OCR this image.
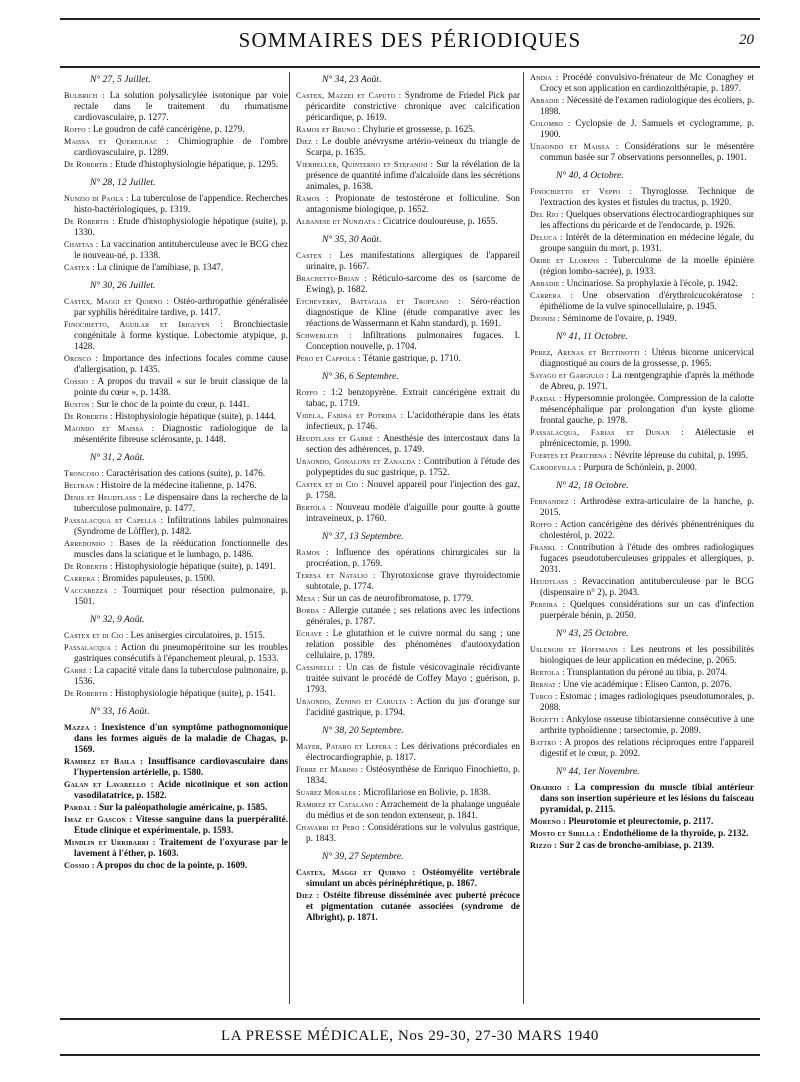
SOMMAIRES DES PÉRIODIQUES	20
N° 27, 5 Juillet.
Bulbrich : La solution polysalicylée isotonique par voie rectale dans le traitement du rhumatisme cardiovasculaire, p. 1277.
Roffo : Le goudron de café cancérigène, p. 1279.
Maissa et Quereilhac : Chimiographie de l'ombre cardiovasculaire, p. 1289.
De Robertis : Etude d'histophysiologie hépatique, p. 1295.
N° 28, 12 Juillet.
Nunzio di Paola : La tuberculose de l'appendice. Recherches histo-bactériologiques, p. 1319.
De Robertis : Etude d'histophysiologie hépatique (suite), p. 1330.
Chattas : La vaccination antituberculeuse avec le BCG chez le nouveau-né, p. 1338.
Castex : La clinique de l'amibiase, p. 1347.
N° 30, 26 Juillet.
Castex, Maggi et Quirno : Ostéo-arthropathie généralisée par syphilis héréditaire tardive, p. 1417.
Finochietto, Aguilar et Iriguyen : Bronchiectasie congénitale à forme kystique. Lobectomie atypique, p. 1428.
Orosco : Importance des infections focales comme cause d'allergisation, p. 1435.
Cossio : A propos du travail « sur le bruit classique de la pointe du cœur », p. 1438.
Bustos : Sur le choc de la pointe du cœur, p. 1441.
De Robertis : Histophysiologie hépatique (suite), p. 1444.
Maondo et Maissa : Diagnostic radiologique de la mésentérite fibreuse sclérosante, p. 1448.
N° 31, 2 Août.
Troncoso : Caractérisation des cations (suite), p. 1476.
Beltran : Histoire de la médecine italienne, p. 1476.
Denis et Heudtlass : Le dispensaire dans la recherche de la tuberculose pulmonaire, p. 1477.
Passalacqua et Capella : Infiltrations labiles pulmonaires (Syndrome de Löffler), p. 1482.
Arredondo : Bases de la rééducation fonctionnelle des muscles dans la sciatique et le lumbago, p. 1486.
De Robertis : Histophysiologie hépatique (suite), p. 1491.
Carrera : Bromides papuleuses, p. 1500.
Vaccarezza : Tourniquet pour résection pulmonaire, p. 1501.
N° 32, 9 Août.
Castex et di Cio : Les anisergies circulatoires, p. 1515.
Passalacqua : Action du pneumopéritoine sur les troubles gastriques consécutifs à l'épanchement pleural, p. 1533.
Garré : La capacité vitale dans la tuberculose pulmonaire, p. 1536.
De Robertis : Histophysiologie hépatique (suite), p. 1541.
N° 33, 16 Août.
Mazza : Inexistence d'un symptôme pathognomonique dans les formes aiguës de la maladie de Chagas, p. 1569.
Ramirez et Baila : Insuffisance cardiovasculaire dans l'hypertension artérielle, p. 1580.
Galan et Lavarello : Acide nicotinique et son action vasodilatatrice, p. 1582.
Pardal : Sur la paléopathologie américaine, p. 1585.
Imaz et Gascon : Vitesse sanguine dans la puerpéralité. Etude clinique et expérimentale, p. 1593.
Mindlin et Urribarri : Traitement de l'oxyurase par le lavement à l'éther, p. 1603.
Cossio : A propos du choc de la pointe, p. 1609.
N° 34, 23 Août.
Castex, Mazzei et Caputo : Syndrome de Friedel Pick par péricardite constrictive chronique avec calcification péricardique, p. 1619.
Ramos et Bruno : Chylurie et grossesse, p. 1625.
Diez : Le double anévrysme artério-veineux du triangle de Scarpa, p. 1635.
Vierheller, Quinterno et Stefanini : Sur la révélation de la présence de quantité infime d'alcaloïde dans les sécrétions animales, p. 1638.
Ramos : Propionate de testostérone et folliculine. Son antagonisme biologique, p. 1652.
Albanese et Nunziata : Cicatrice douloureuse, p. 1655.
N° 35, 30 Août.
Castex : Les manifestations allergiques de l'appareil urinaire, p. 1667.
Brachetto-Brian : Réticulo-sarcome des os (sarcome de Ewing), p. 1682.
Etcheverry, Battaglia et Tropeano : Séro-réaction diagnostique de Kline (étude comparative avec les réactions de Wassermann et Kahn standard), p. 1691.
Schweblich : Infiltrations pulmonaires fugaces. I. Conception nouvelle, p. 1704.
Pero et Cappola : Tétanie gastrique, p. 1710.
N° 36, 6 Septembre.
Roffo : 1:2 benzopyrène. Extrait cancérigène extrait du tabac, p. 1719.
Videla, Fabina et Potrida : L'acidothérapie dans les états infectieux, p. 1746.
Heudtlass et Garré : Anesthésie des intercostaux dans la section des adhérences, p. 1749.
Ubaondo, Gonalons et Zanalda : Contribution à l'étude des polypeptides du suc gastrique, p. 1752.
Castex et di Cio : Nouvel appareil pour l'injection des gaz, p. 1758.
Bertola : Nouveau modèle d'aiguille pour goutte à goutte intraveineux, p. 1760.
N° 37, 13 Septembre.
Ramos : Influence des opérations chirurgicales sur la procréation, p. 1769.
Teresa et Natalio : Thyrotoxicose grave thyroïdectomie subtotale, p. 1774.
Mesa : Sur un cas de neurofibromatose, p. 1779.
Borda : Allergie cutanée ; ses relations avec les infections générales, p. 1787.
Echave : Le glutathion et le cuivre normal du sang ; une relation possible des phénomènes d'autooxydation cellulaire, p. 1789.
Cassinelli : Un cas de fistule vésicovaginale récidivante traitée suivant le procédé de Coffey Mayo ; guérison, p. 1793.
Ubaondo, Zunino et Carulta : Action du jus d'orange sur l'acidité gastrique, p. 1794.
N° 38, 20 Septembre.
Mayer, Pataro et Lepera : Les dérivations précordiales en électrocardiographie, p. 1817.
Ferre et Marino : Ostéosynthèse de Enriquo Finochietto, p. 1834.
Suarez Morales : Microfilariose en Bolivie, p. 1838.
Ramirez et Catalano : Arrachement de la phalange unguéale du médius et de son tendon extenseur, p. 1841.
Chavarri et Pero : Considérations sur le volvulus gastrique, p. 1843.
N° 39, 27 Septembre.
Castex, Maggi et Quirno : Ostéomyélite vertébrale simulant un abcès périnéphrétique, p. 1867.
Diez : Ostéite fibreuse disséminée avec puberté précoce et pigmentation cutanée associées (syndrome de Albright), p. 1871.
Andia : Procédé convulsivo-frénateur de Mc Conaghey et Crocy et son application en cardiozolthérapie, p. 1897.
Abbadie : Nécessité de l'examen radiologique des écoliers, p. 1898.
Colombo : Cyclopsie de J. Samuels et cyclogramme, p. 1900.
Udaondo et Maissa : Considérations sur le mésentère commun basée sur 7 observations personnelles, p. 1901.
N° 40, 4 Octobre.
Finochietto et Veppo : Thyroglosse. Technique de l'extraction des kystes et fistules du tractus, p. 1920.
Del Rio : Quelques observations électrocardiographiques sur les affections du péricarde et de l'endocarde, p. 1926.
Deluca : Intérêt de la détermination en médecine légale, du groupe sanguin du mort, p. 1931.
Oribe et Llorens : Tuberculome de la moelle épinière (région lombo-sacrée), p. 1933.
Abbadie : Uncinariose. Sa prophylaxie à l'école, p. 1942.
Carrera : Une observation d'érythrolcucokératose : épithéliome de la vulve spinocellulaire, p. 1945.
Dionisi : Séminome de l'ovaire, p. 1949.
N° 41, 11 Octobre.
Perez, Arenas et Bettinotti : Utérus bicorne unicervical diagnostiqué au cours de la grossesse, p. 1965.
Sayago et Gargiulo : La rœntgengraphie d'après la méthode de Abreu, p. 1971.
Pardal : Hypersomnie prolongée. Compression de la calotte mésencéphalique par prolongation d'un kyste gliome frontal gauche, p. 1978.
Passalacqua, Farias et Dunan : Atélectasie et phrénicectomie, p. 1990.
Fuertes et Perichena : Névrite lépreuse du cubital, p. 1995.
Carodevilla : Purpura de Schönlein, p. 2000.
N° 42, 18 Octobre.
Fernandez : Arthrodèse extra-articulaire de la hanche, p. 2015.
Roffo : Action cancérigène des dérivés phénentréniques du cholestérol, p. 2022.
Frankl : Contribution à l'étude des ombres radiologiques fugaces pseudotuberculeuses grippales et allergiques, p. 2031.
Heudtlass : Revaccination antituberculeuse par le BCG (dispensaire n° 2), p. 2043.
Pereira : Quelques considérations sur un cas d'infection puerpérale bénin, p. 2050.
N° 43, 25 Octobre.
Uslenghi et Hoffmann : Les neutrons et les possibilités biologiques de leur application en médecine, p. 2065.
Bertola : Transplantation du péroné au tibia, p. 2074.
Bernat : Une vie académique : Eliseo Canton, p. 2076.
Turco : Estomac ; images radiologiques pseudotumorales, p. 2088.
Bogetti : Ankylose osseuse tibiotarsienne consécutive à une arthrite typhoïdienne ; tarsectomie, p. 2089.
Battro : A propos des relations réciproques entre l'appareil digestif et le cœur, p. 2092.
N° 44, 1er Novembre.
Obarrio : La compression du muscle tibial antérieur dans son insertion supérieure et les lésions du faisceau pyramidal, p. 2115.
Moreno : Pleurotomie et pleurectomie, p. 2117.
Mosto et Sibilla : Endothéliome de la thyroïde, p. 2132.
Rizzo : Sur 2 cas de broncho-amibiase, p. 2139.
LA PRESSE MÉDICALE, Nos 29-30, 27-30 MARS 1940
